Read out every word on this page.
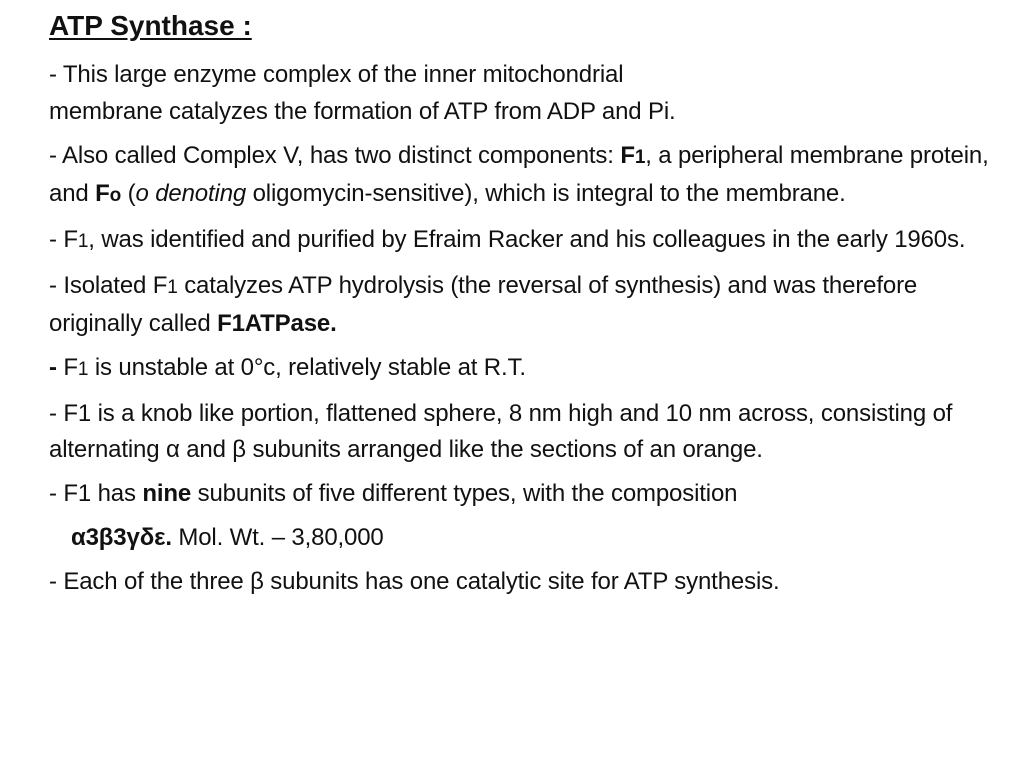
ATP Synthase :
- This large enzyme complex of the inner mitochondrial
membrane catalyzes the formation of ATP from ADP and Pi.
- Also called Complex V, has two distinct components: F1, a peripheral membrane protein, and Fo (o denoting oligomycin-sensitive), which is integral to the membrane.
- F1, was identified and purified by Efraim Racker and his colleagues in the early 1960s.
- Isolated F1 catalyzes ATP hydrolysis (the reversal of synthesis) and was therefore originally called F1ATPase.
- F1 is unstable at 0°c, relatively stable at R.T.
- F1 is a knob like portion, flattened sphere, 8 nm high and 10 nm across, consisting of alternating α and β subunits arranged like the sections of an orange.
- F1 has nine subunits of five different types, with the composition
α3β3γδε. Mol. Wt. – 3,80,000
- Each of the three β subunits has one catalytic site for ATP synthesis.
